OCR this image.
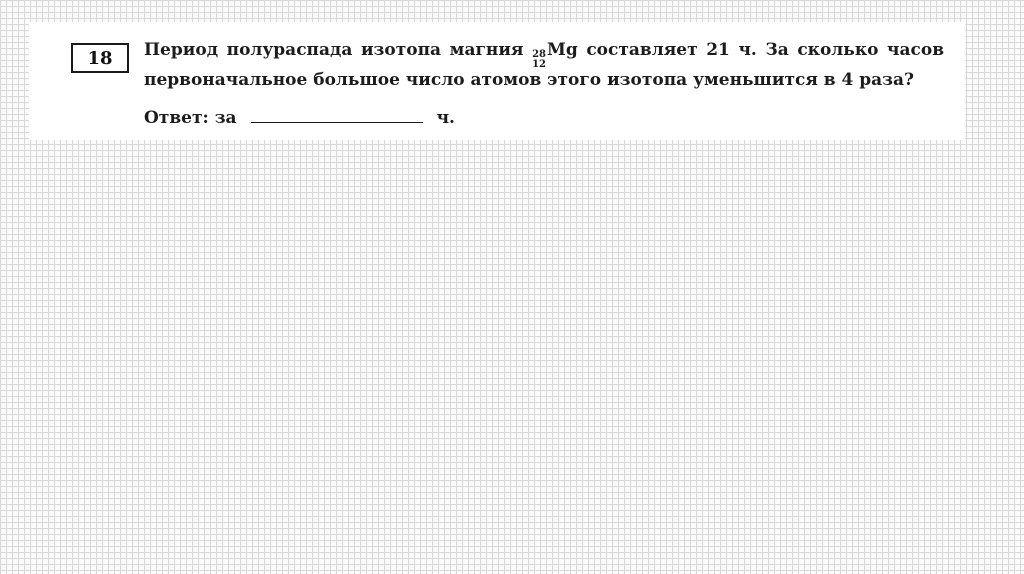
18 Период полураспада изотопа магния 28
12
Mg составляет 21 ч. За сколько часов первоначальное большое число атомов этого изотопа уменьшится в 4 раза?
Ответ: за	ч.
